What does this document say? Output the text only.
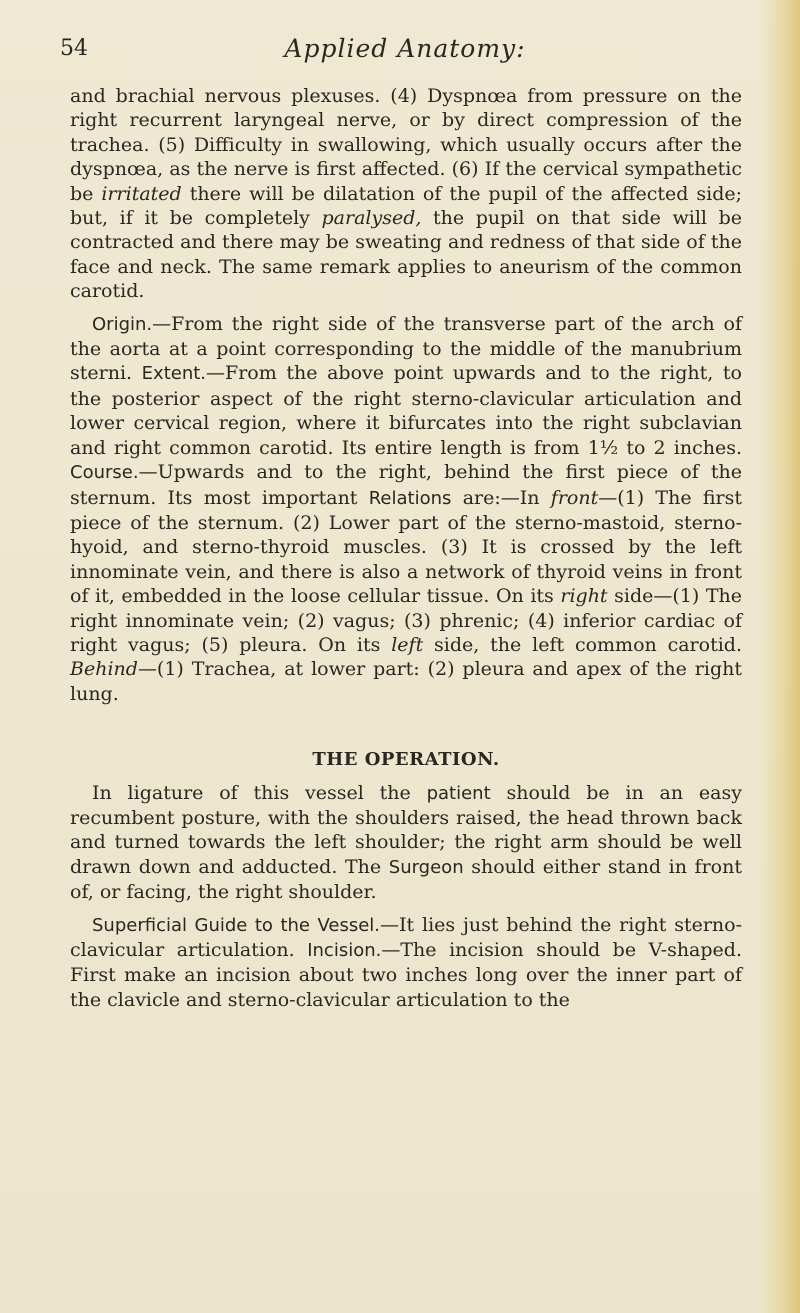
54	Applied Anatomy:

and brachial nervous plexuses. (4) Dyspnœa from pressure on the right recurrent laryngeal nerve, or by direct compression of the trachea. (5) Difficulty in swallowing, which usually occurs after the dyspnœa, as the nerve is first affected. (6) If the cervical sympathetic be irritated there will be dilatation of the pupil of the affected side; but, if it be completely paralysed, the pupil on that side will be contracted and there may be sweating and redness of that side of the face and neck. The same remark applies to aneurism of the common carotid.

Origin.—From the right side of the transverse part of the arch of the aorta at a point corresponding to the middle of the manubrium sterni. Extent.—From the above point upwards and to the right, to the posterior aspect of the right sterno-clavicular articulation and lower cervical region, where it bifurcates into the right subclavian and right common carotid. Its entire length is from 1½ to 2 inches. Course.—Upwards and to the right, behind the first piece of the sternum. Its most important Relations are:—In front—(1) The first piece of the sternum. (2) Lower part of the sterno-mastoid, sterno-hyoid, and sterno-thyroid muscles. (3) It is crossed by the left innominate vein, and there is also a network of thyroid veins in front of it, embedded in the loose cellular tissue. On its right side—(1) The right innominate vein; (2) vagus; (3) phrenic; (4) inferior cardiac of right vagus; (5) pleura. On its left side, the left common carotid. Behind—(1) Trachea, at lower part: (2) pleura and apex of the right lung.

THE OPERATION.

In ligature of this vessel the patient should be in an easy recumbent posture, with the shoulders raised, the head thrown back and turned towards the left shoulder; the right arm should be well drawn down and adducted. The Surgeon should either stand in front of, or facing, the right shoulder.

Superficial Guide to the Vessel.—It lies just behind the right sterno-clavicular articulation. Incision.—The incision should be V-shaped. First make an incision about two inches long over the inner part of the clavicle and sterno-clavicular articulation to the
